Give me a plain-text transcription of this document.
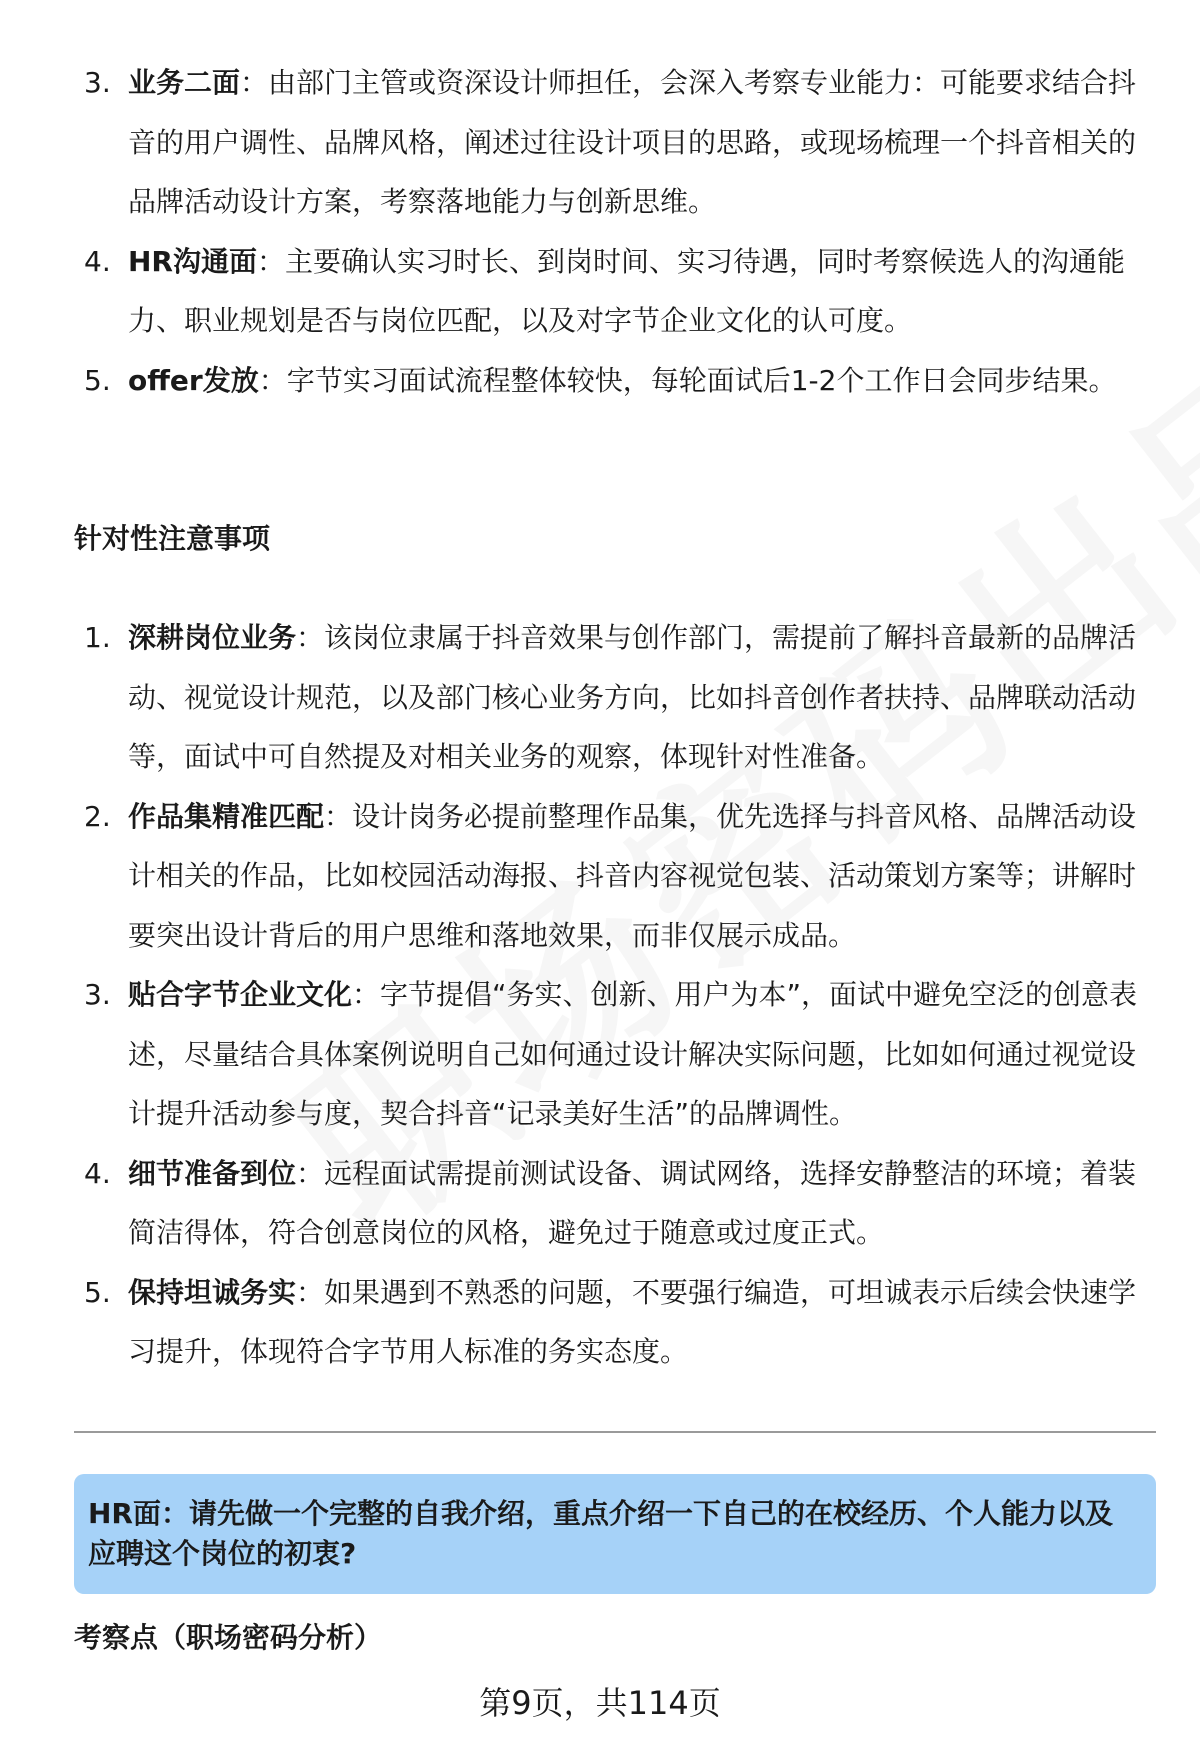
3. 业务二面：由部门主管或资深设计师担任，会深入考察专业能力：可能要求结合抖音的用户调性、品牌风格，阐述过往设计项目的思路，或现场梳理一个抖音相关的品牌活动设计方案，考察落地能力与创新思维。
4. HR沟通面：主要确认实习时长、到岗时间、实习待遇，同时考察候选人的沟通能力、职业规划是否与岗位匹配，以及对字节企业文化的认可度。
5. offer发放：字节实习面试流程整体较快，每轮面试后1-2个工作日会同步结果。
针对性注意事项
1. 深耕岗位业务：该岗位隶属于抖音效果与创作部门，需提前了解抖音最新的品牌活动、视觉设计规范，以及部门核心业务方向，比如抖音创作者扶持、品牌联动活动等，面试中可自然提及对相关业务的观察，体现针对性准备。
2. 作品集精准匹配：设计岗务必提前整理作品集，优先选择与抖音风格、品牌活动设计相关的作品，比如校园活动海报、抖音内容视觉包装、活动策划方案等；讲解时要突出设计背后的用户思维和落地效果，而非仅展示成品。
3. 贴合字节企业文化：字节提倡“务实、创新、用户为本”，面试中避免空泛的创意表述，尽量结合具体案例说明自己如何通过设计解决实际问题，比如如何通过视觉设计提升活动参与度，契合抖音“记录美好生活”的品牌调性。
4. 细节准备到位：远程面试需提前测试设备、调试网络，选择安静整洁的环境；着装简洁得体，符合创意岗位的风格，避免过于随意或过度正式。
5. 保持坦诚务实：如果遇到不熟悉的问题，不要强行编造，可坦诚表示后续会快速学习提升，体现符合字节用人标准的务实态度。
HR面：请先做一个完整的自我介绍，重点介绍一下自己的在校经历、个人能力以及应聘这个岗位的初衷?
考察点（职场密码分析）
第9页，共114页
